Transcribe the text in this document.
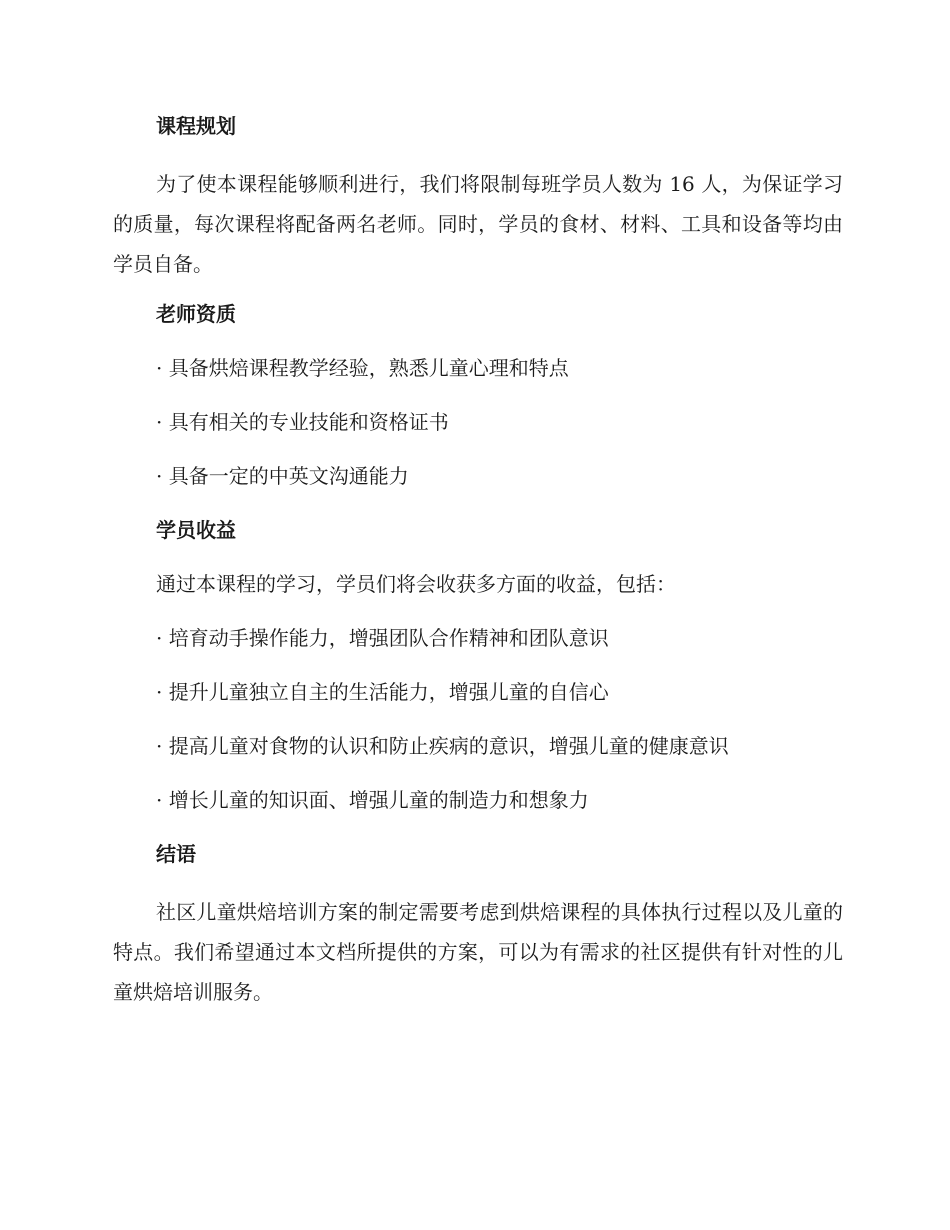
课程规划
为了使本课程能够顺利进行，我们将限制每班学员人数为 16 人，为保证学习的质量，每次课程将配备两名老师。同时，学员的食材、材料、工具和设备等均由学员自备。
老师资质
· 具备烘焙课程教学经验，熟悉儿童心理和特点
· 具有相关的专业技能和资格证书
· 具备一定的中英文沟通能力
学员收益
通过本课程的学习，学员们将会收获多方面的收益，包括：
· 培育动手操作能力，增强团队合作精神和团队意识
· 提升儿童独立自主的生活能力，增强儿童的自信心
· 提高儿童对食物的认识和防止疾病的意识，增强儿童的健康意识
· 增长儿童的知识面、增强儿童的制造力和想象力
结语
社区儿童烘焙培训方案的制定需要考虑到烘焙课程的具体执行过程以及儿童的特点。我们希望通过本文档所提供的方案，可以为有需求的社区提供有针对性的儿童烘焙培训服务。
